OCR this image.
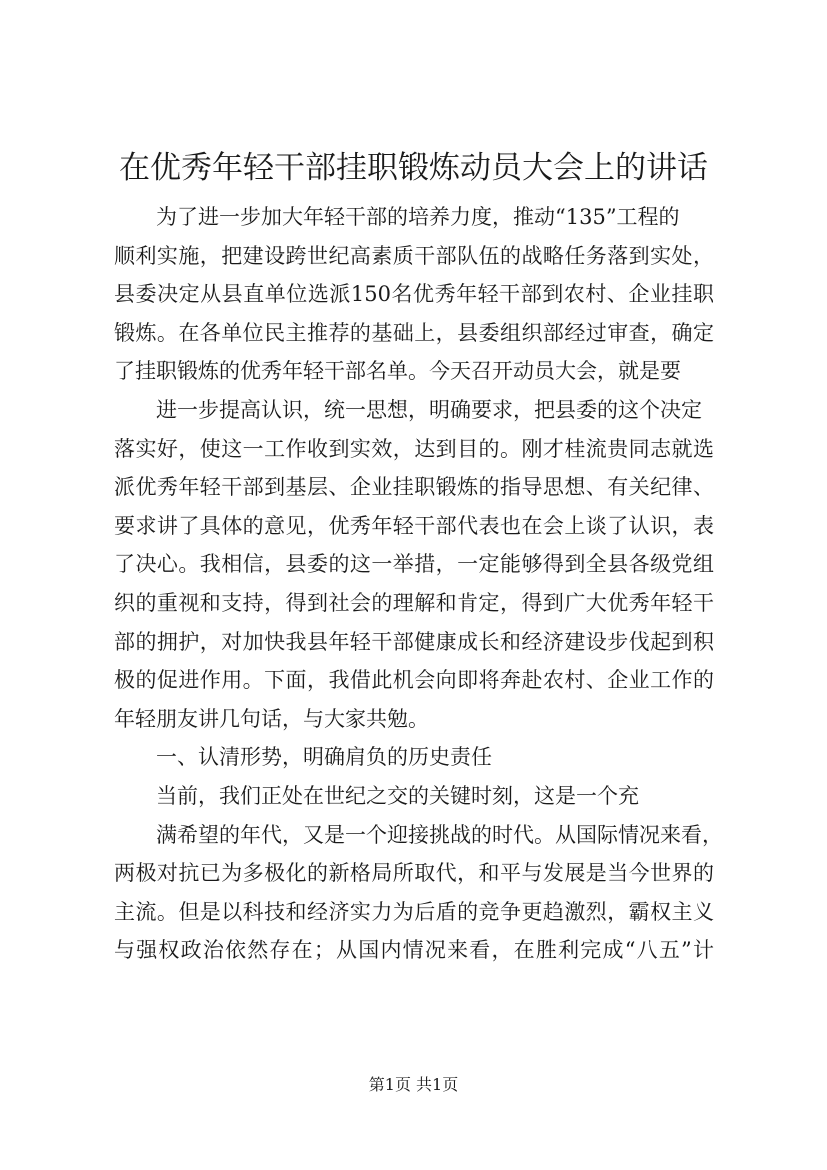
在优秀年轻干部挂职锻炼动员大会上的讲话
为了进一步加大年轻干部的培养力度，推动“135”工程的
顺利实施，把建设跨世纪高素质干部队伍的战略任务落到实处，
县委决定从县直单位选派150名优秀年轻干部到农村、企业挂职
锻炼。在各单位民主推荐的基础上，县委组织部经过审查，确定
了挂职锻炼的优秀年轻干部名单。今天召开动员大会，就是要
进一步提高认识，统一思想，明确要求，把县委的这个决定
落实好，使这一工作收到实效，达到目的。刚才桂流贵同志就选
派优秀年轻干部到基层、企业挂职锻炼的指导思想、有关纪律、
要求讲了具体的意见，优秀年轻干部代表也在会上谈了认识，表
了决心。我相信，县委的这一举措，一定能够得到全县各级党组
织的重视和支持，得到社会的理解和肯定，得到广大优秀年轻干
部的拥护，对加快我县年轻干部健康成长和经济建设步伐起到积
极的促进作用。下面，我借此机会向即将奔赴农村、企业工作的
年轻朋友讲几句话，与大家共勉。
一、认清形势，明确肩负的历史责任
当前，我们正处在世纪之交的关键时刻，这是一个充
满希望的年代，又是一个迎接挑战的时代。从国际情况来看，
两极对抗已为多极化的新格局所取代，和平与发展是当今世界的
主流。但是以科技和经济实力为后盾的竞争更趋激烈，霸权主义
与强权政治依然存在；从国内情况来看，在胜利完成“八五”计
第1页 共1页
